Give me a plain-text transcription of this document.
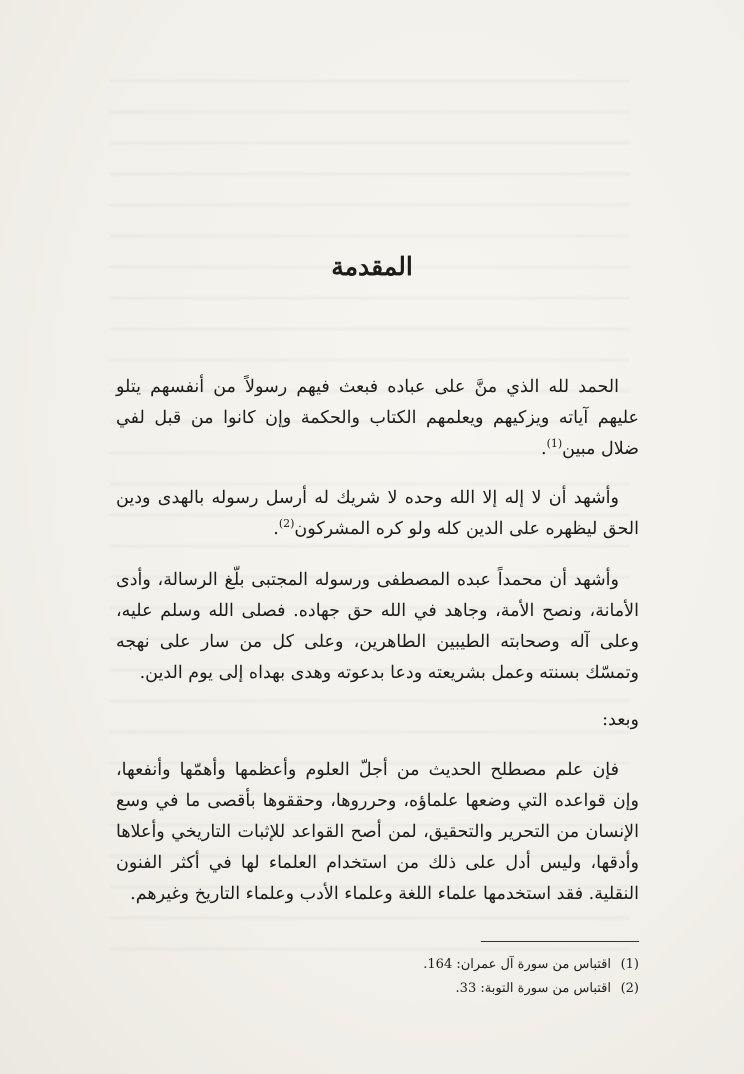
المقدمة
الحمد لله الذي منَّ على عباده فبعث فيهم رسولاً من أنفسهم يتلو عليهم آياته ويزكيهم ويعلمهم الكتاب والحكمة وإن كانوا من قبل لفي ضلال مبين$^{(1)}$.
وأشهد أن لا إله إلا الله وحده لا شريك له أرسل رسوله بالهدى ودين الحق ليظهره على الدين كله ولو كره المشركون$^{(2)}$.
وأشهد أن محمداً عبده المصطفى ورسوله المجتبى بلّغ الرسالة، وأدى الأمانة، ونصح الأمة، وجاهد في الله حق جهاده. فصلى الله وسلم عليه، وعلى آله وصحابته الطيبين الطاهرين، وعلى كل من سار على نهجه وتمسّك بسنته وعمل بشريعته ودعا بدعوته وهدى بهداه إلى يوم الدين.
وبعد:
فإن علم مصطلح الحديث من أجلّ العلوم وأعظمها وأهمّها وأنفعها، وإن قواعده التي وضعها علماؤه، وحرروها، وحققوها بأقصى ما في وسع الإنسان من التحرير والتحقيق، لمن أصح القواعد للإثبات التاريخي وأعلاها وأدقها، وليس أدل على ذلك من استخدام العلماء لها في أكثر الفنون النقلية. فقد استخدمها علماء اللغة وعلماء الأدب وعلماء التاريخ وغيرهم.
(1)
اقتباس من سورة آل عمران: 164.
(2)
اقتباس من سورة التوبة: 33.
